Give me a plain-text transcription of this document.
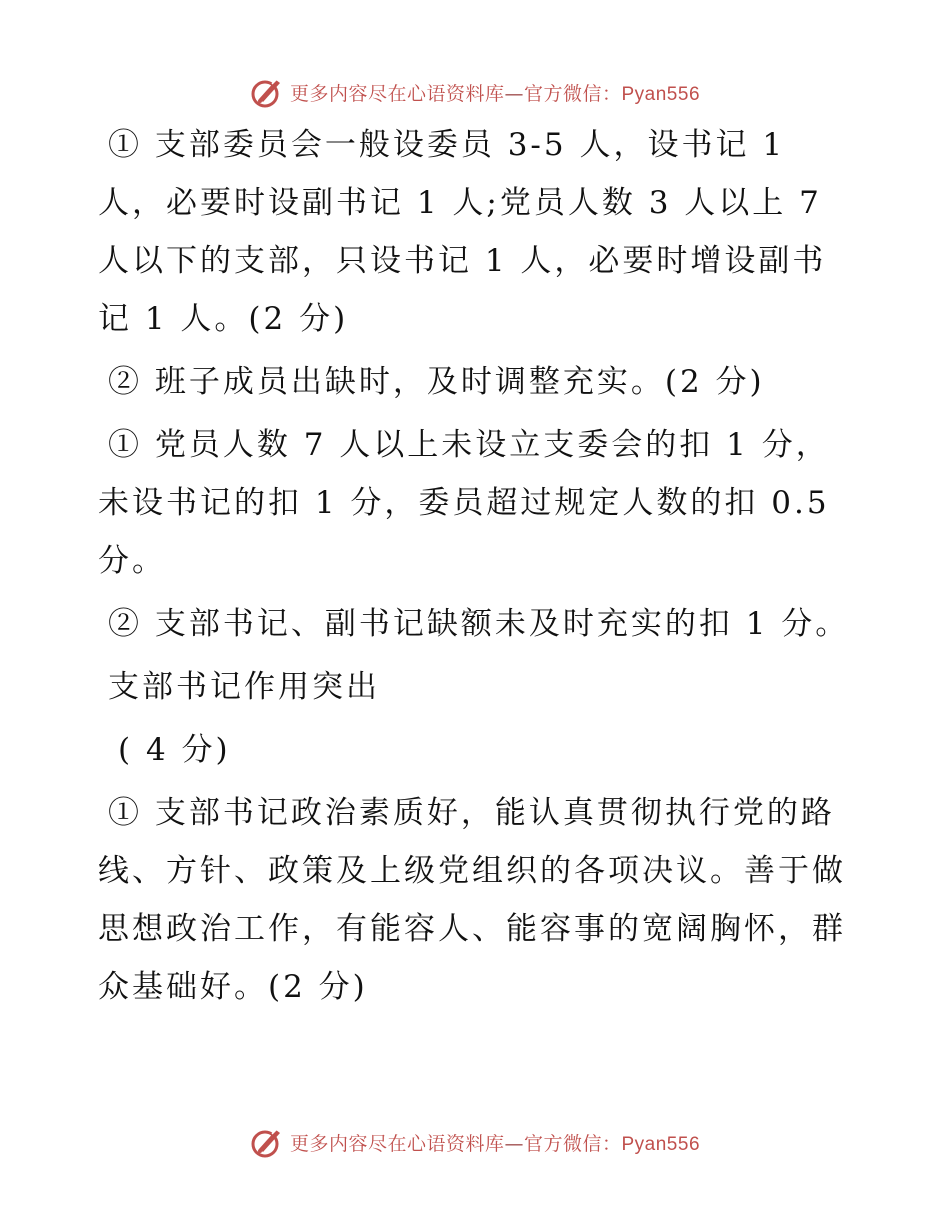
更多内容尽在心语资料库—官方微信：Pyan556

① 支部委员会一般设委员 3-5 人，设书记 1 人，必要时设副书记 1 人;党员人数 3 人以上 7 人以下的支部，只设书记 1 人，必要时增设副书记 1 人。(2 分)

② 班子成员出缺时，及时调整充实。(2 分)

① 党员人数 7 人以上未设立支委会的扣 1 分，未设书记的扣 1 分，委员超过规定人数的扣 0.5 分。

② 支部书记、副书记缺额未及时充实的扣 1 分。

支部书记作用突出

( 4 分)

① 支部书记政治素质好，能认真贯彻执行党的路线、方针、政策及上级党组织的各项决议。善于做思想政治工作，有能容人、能容事的宽阔胸怀，群众基础好。(2 分)

更多内容尽在心语资料库—官方微信：Pyan556
